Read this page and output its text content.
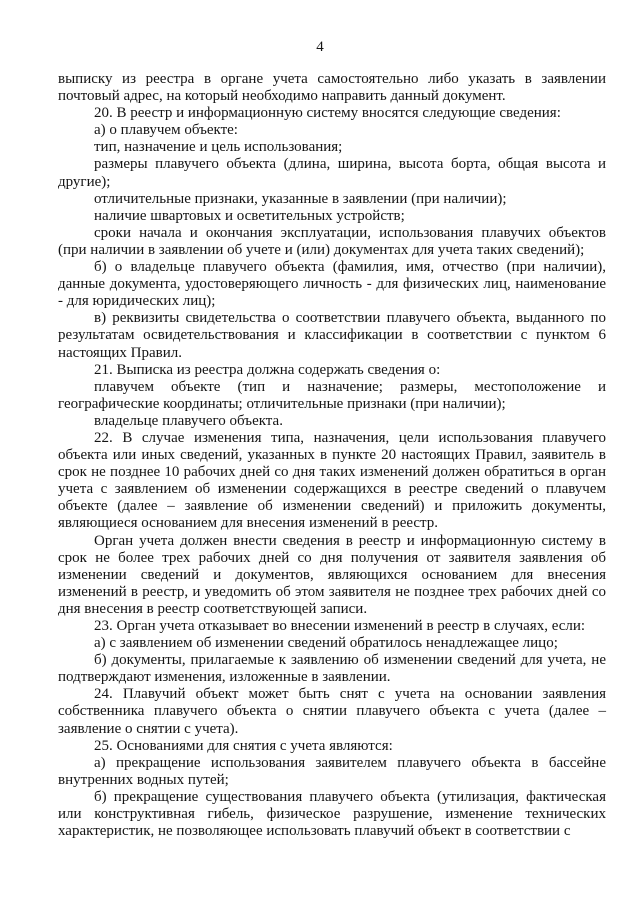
4

выписку из реестра в органе учета самостоятельно либо указать в заявлении почтовый адрес, на который необходимо направить данный документ.

20. В реестр и информационную систему вносятся следующие сведения:

а) о плавучем объекте:

тип, назначение и цель использования;

размеры плавучего объекта (длина, ширина, высота борта, общая высота и другие);

отличительные признаки, указанные в заявлении (при наличии);

наличие швартовых и осветительных устройств;

сроки начала и окончания эксплуатации, использования плавучих объектов (при наличии в заявлении об учете и (или) документах для учета таких сведений);

б) о владельце плавучего объекта (фамилия, имя, отчество (при наличии), данные документа, удостоверяющего личность - для физических лиц, наименование - для юридических лиц);

в) реквизиты свидетельства о соответствии плавучего объекта, выданного по результатам освидетельствования и классификации в соответствии с пунктом 6 настоящих Правил.

21. Выписка из реестра должна содержать сведения о:

плавучем объекте (тип и назначение; размеры, местоположение и географические координаты; отличительные признаки (при наличии);

владельце плавучего объекта.

22. В случае изменения типа, назначения, цели использования плавучего объекта или иных сведений, указанных в пункте 20 настоящих Правил, заявитель в срок не позднее 10 рабочих дней со дня таких изменений должен обратиться в орган учета с заявлением об изменении содержащихся в реестре сведений о плавучем объекте (далее – заявление об изменении сведений) и приложить документы, являющиеся основанием для внесения изменений в реестр.

Орган учета должен внести сведения в реестр и информационную систему в срок не более трех рабочих дней со дня получения от заявителя заявления об изменении сведений и документов, являющихся основанием для внесения изменений в реестр, и уведомить об этом заявителя не позднее трех рабочих дней со дня внесения в реестр соответствующей записи.

23. Орган учета отказывает во внесении изменений в реестр в случаях, если:

а) с заявлением об изменении сведений обратилось ненадлежащее лицо;

б) документы, прилагаемые к заявлению об изменении сведений для учета, не подтверждают изменения, изложенные в заявлении.

24. Плавучий объект может быть снят с учета на основании заявления собственника плавучего объекта о снятии плавучего объекта с учета (далее – заявление о снятии с учета).

25. Основаниями для снятия с учета являются:

а) прекращение использования заявителем плавучего объекта в бассейне внутренних водных путей;

б) прекращение существования плавучего объекта (утилизация, фактическая или конструктивная гибель, физическое разрушение, изменение технических характеристик, не позволяющее использовать плавучий объект в соответствии с
